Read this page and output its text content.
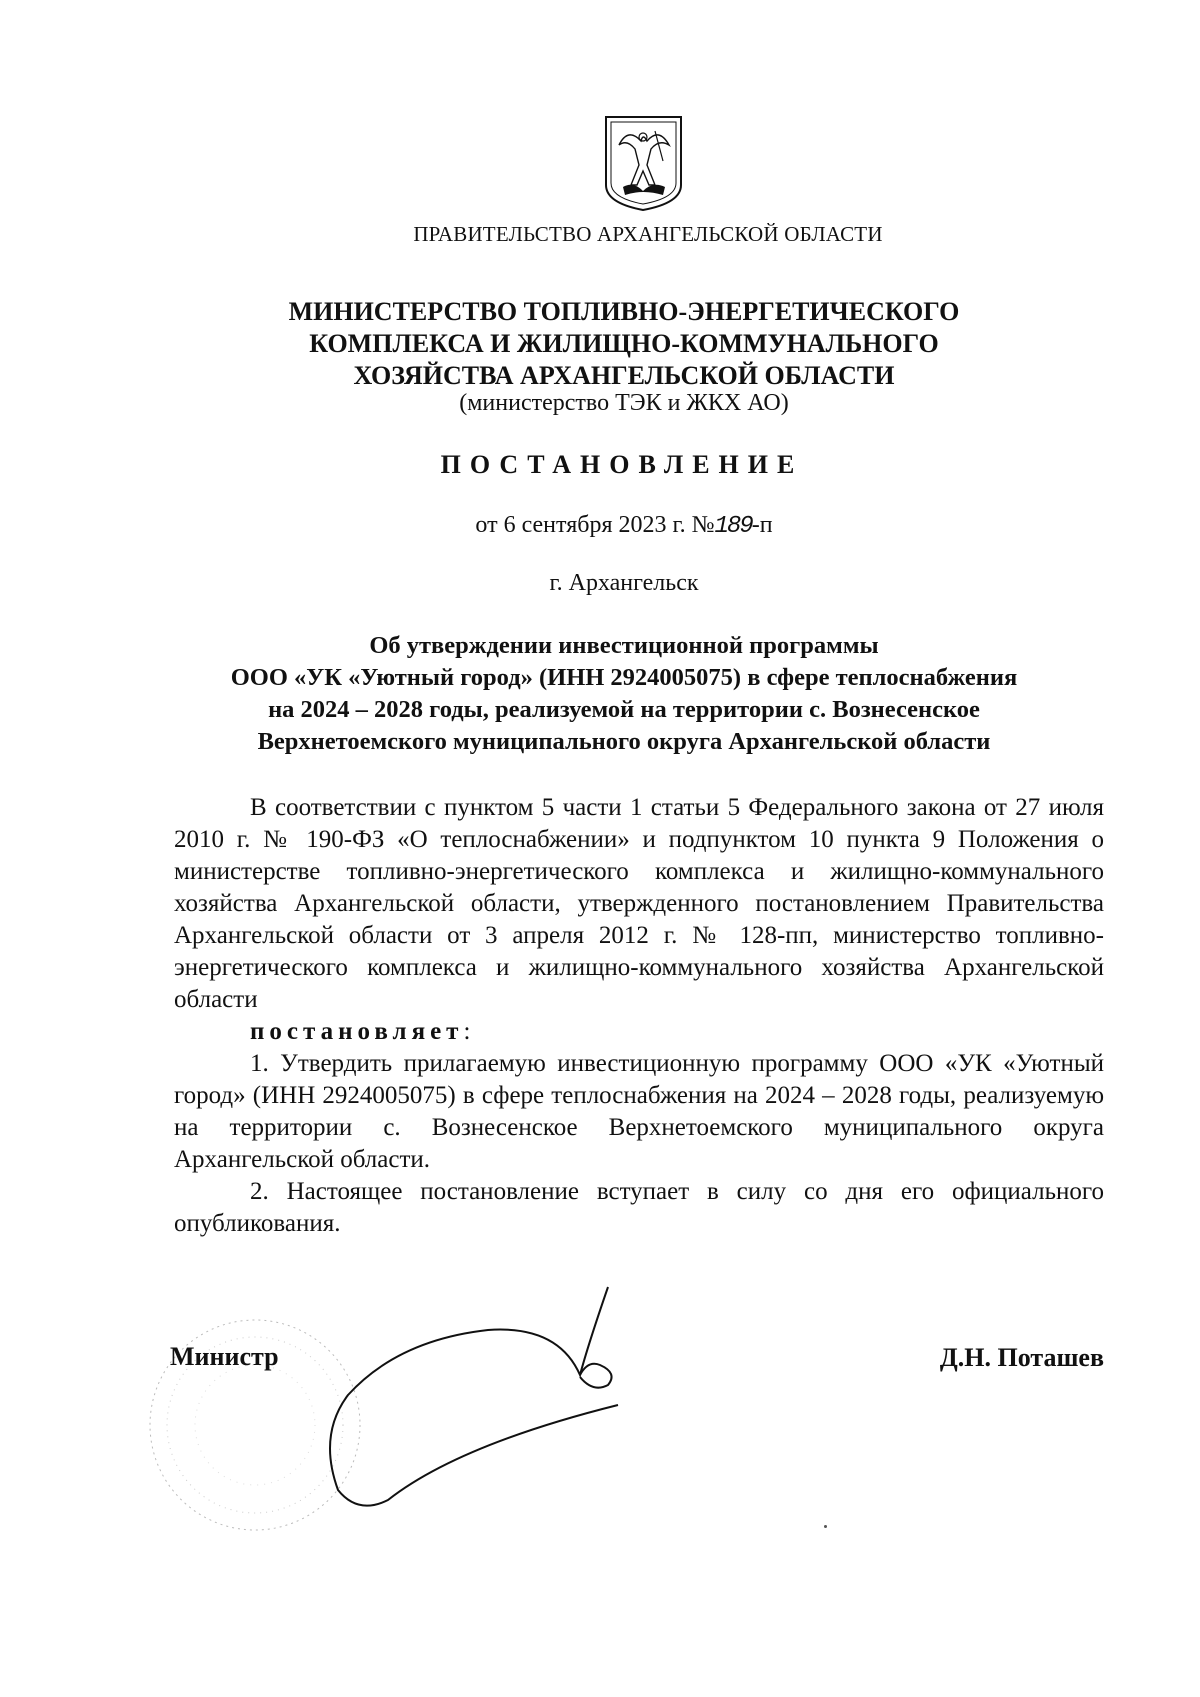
ПРАВИТЕЛЬСТВО АРХАНГЕЛЬСКОЙ ОБЛАСТИ
МИНИСТЕРСТВО ТОПЛИВНО-ЭНЕРГЕТИЧЕСКОГО
КОМПЛЕКСА И ЖИЛИЩНО-КОММУНАЛЬНОГО
ХОЗЯЙСТВА АРХАНГЕЛЬСКОЙ ОБЛАСТИ
(министерство ТЭК и ЖКХ АО)
ПОСТАНОВЛЕНИЕ
от 6 сентября 2023 г. №189-п
г. Архангельск
Об утверждении инвестиционной программы
ООО «УК «Уютный город» (ИНН 2924005075) в сфере теплоснабжения
на 2024 – 2028 годы, реализуемой на территории с. Вознесенское
Верхнетоемского муниципального округа Архангельской области

В соответствии с пунктом 5 части 1 статьи 5 Федерального закона от 27 июля 2010 г. № 190-ФЗ «О теплоснабжении» и подпунктом 10 пункта 9 Положения о министерстве топливно-энергетического комплекса и жилищно-коммунального хозяйства Архангельской области, утвержденного постановлением Правительства Архангельской области от 3 апреля 2012 г. № 128-пп, министерство топливно-энергетического комплекса и жилищно-коммунального хозяйства Архангельской области

постановляет:

1. Утвердить прилагаемую инвестиционную программу ООО «УК «Уютный город» (ИНН 2924005075) в сфере теплоснабжения на 2024 – 2028 годы, реализуемую на территории с. Вознесенское Верхнетоемского муниципального округа Архангельской области.

2. Настоящее постановление вступает в силу со дня его официального опубликования.

Министр	Д.Н. Поташев
